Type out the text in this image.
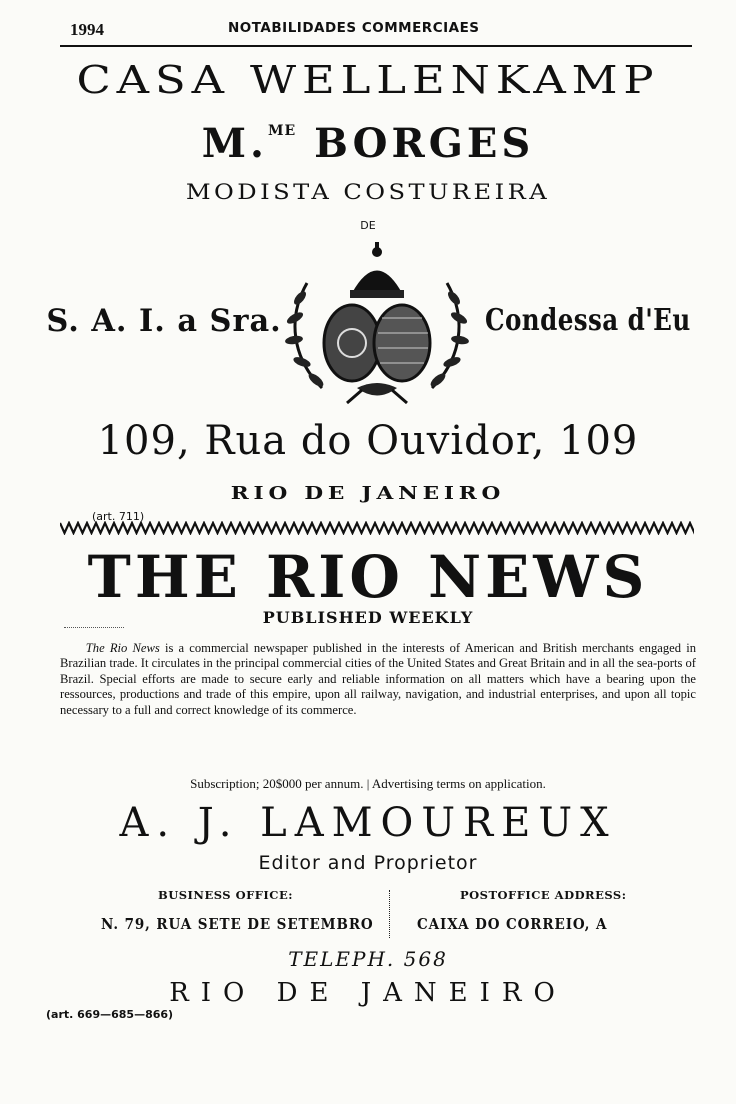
1994	NOTABILIDADES COMMERCIAES
CASA WELLENKAMP
M.$^{ME}$ BORGES
MODISTA COSTUREIRA
DE
S. A. I. a Sra.	Condessa d'Eu
109, Rua do Ouvidor, 109
RIO DE JANEIRO
(art. 711)
THE RIO NEWS
PUBLISHED WEEKLY
The Rio News is a commercial newspaper published in the interests of American and British merchants engaged in Brazilian trade. It circulates in the principal commercial cities of the United States and Great Britain and in all the sea-ports of Brazil. Special efforts are made to secure early and reliable information on all matters which have a bearing upon the ressources, productions and trade of this empire, upon all railway, navigation, and industrial enterprises, and upon all topic necessary to a full and correct knowledge of its commerce.
Subscription; 20$000 per annum. | Advertising terms on application.
A. J. LAMOUREUX
Editor and Proprietor
BUSINESS OFFICE:	POSTOFFICE ADDRESS:
N. 79, RUA SETE DE SETEMBRO	CAIXA DO CORREIO, A
TELEPH. 568
RIO DE JANEIRO
(art. 669—685—866)
